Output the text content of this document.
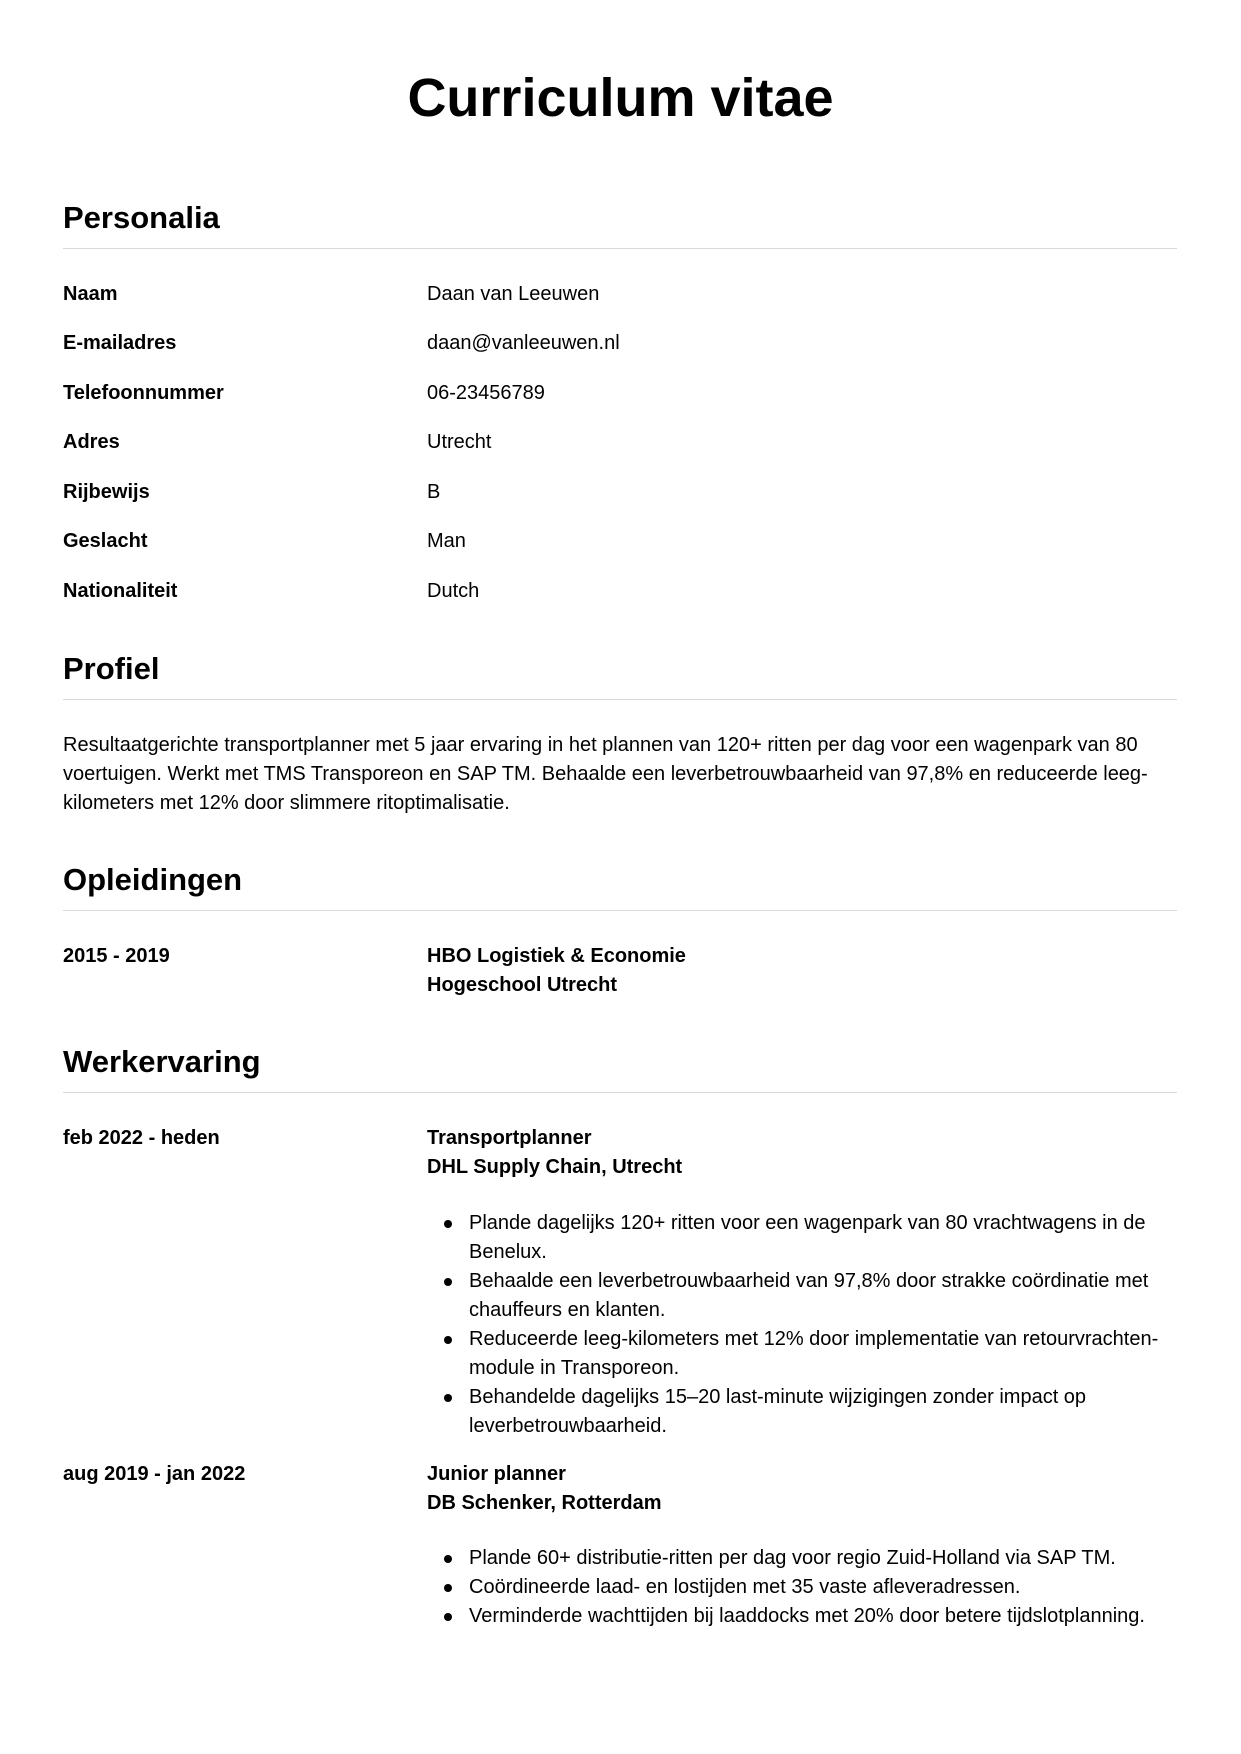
Curriculum vitae
Personalia
Naam	Daan van Leeuwen
E-mailadres	daan@vanleeuwen.nl
Telefoonnummer	06-23456789
Adres	Utrecht
Rijbewijs	B
Geslacht	Man
Nationaliteit	Dutch
Profiel
Resultaatgerichte transportplanner met 5 jaar ervaring in het plannen van 120+ ritten per dag voor een wagenpark van 80 voertuigen. Werkt met TMS Transporeon en SAP TM. Behaalde een leverbetrouwbaarheid van 97,8% en reduceerde leeg-kilometers met 12% door slimmere ritoptimalisatie.
Opleidingen
2015 - 2019	HBO Logistiek & Economie
Hogeschool Utrecht
Werkervaring
feb 2022 - heden	Transportplanner
DHL Supply Chain, Utrecht
Plande dagelijks 120+ ritten voor een wagenpark van 80 vrachtwagens in de Benelux.
Behaalde een leverbetrouwbaarheid van 97,8% door strakke coördinatie met chauffeurs en klanten.
Reduceerde leeg-kilometers met 12% door implementatie van retourvrachten-module in Transporeon.
Behandelde dagelijks 15–20 last-minute wijzigingen zonder impact op leverbetrouwbaarheid.
aug 2019 - jan 2022	Junior planner
DB Schenker, Rotterdam
Plande 60+ distributie-ritten per dag voor regio Zuid-Holland via SAP TM.
Coördineerde laad- en lostijden met 35 vaste afleveradressen.
Verminderde wachttijden bij laaddocks met 20% door betere tijdslotplanning.
